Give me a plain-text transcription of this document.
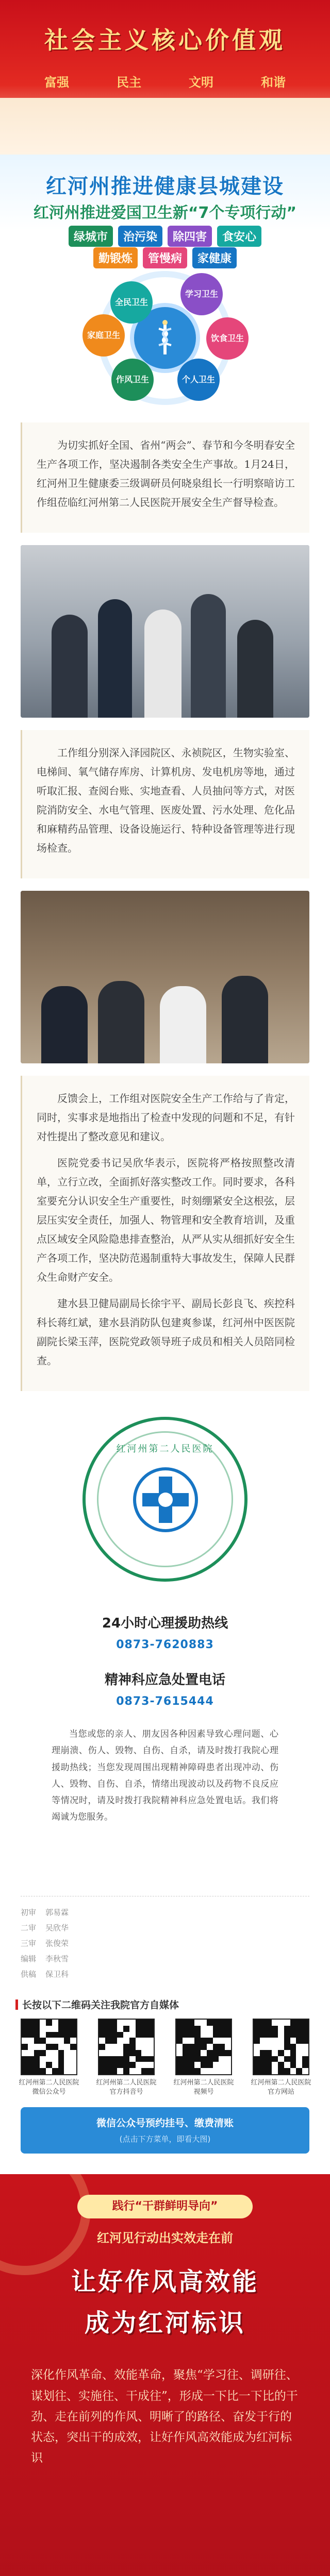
社会主义核心价值观
富强	民主	文明	和谐
红河州推进健康县城建设
红河州推进爱国卫生新“7个专项行动”
绿城市	治污染	除四害	食安心
勤锻炼	管慢病	家健康
全民卫生
学习卫生
家庭卫生	饮食卫生
作风卫生	个人卫生

为切实抓好全国、省州“两会”、春节和今冬明春安全生产各项工作，坚决遏制各类安全生产事故。1月24日，红河州卫生健康委三级调研员何晓泉组长一行明察暗访工作组莅临红河州第二人民医院开展安全生产督导检查。

工作组分别深入泽园院区、永祯院区，生物实验室、电梯间、氧气储存库房、计算机房、发电机房等地，通过听取汇报、查阅台账、实地查看、人员抽问等方式，对医院消防安全、水电气管理、医废处置、污水处理、危化品和麻精药品管理、设备设施运行、特种设备管理等进行现场检查。

反馈会上，工作组对医院安全生产工作给与了肯定，同时，实事求是地指出了检查中发现的问题和不足，有针对性提出了整改意见和建议。

医院党委书记吴欣华表示，医院将严格按照整改清单，立行立改，全面抓好落实整改工作。同时要求，各科室要充分认识安全生产重要性，时刻绷紧安全这根弦，层层压实安全责任，加强人、物管理和安全教育培训，及重点区域安全风险隐患排查整治，从严从实从细抓好安全生产各项工作，坚决防范遏制重特大事故发生，保障人民群众生命财产安全。

建水县卫健局副局长徐宇平、副局长彭良飞、疾控科科长蒋红斌，建水县消防队包建爽参谋，红河州中医医院副院长梁玉萍，医院党政领导班子成员和相关人员陪同检查。

红河州第二人民医院
24小时心理援助热线
0873-7620883
精神科应急处置电话
0873-7615444
当您或您的亲人、朋友因各种因素导致心理问题、心理崩溃、伤人、毁物、自伤、自杀，请及时拨打我院心理援助热线；当您发现周围出现精神障碍患者出现冲动、伤人、毁物、自伤、自杀，情绪出现波动以及药物不良反应等情况时，请及时拨打我院精神科应急处置电话。我们将竭诚为您服务。
初审 郭易霖
二审 吴欣华
三审 张俊荣
编辑 李秋雪
供稿 保卫科
长按以下二维码关注我院官方自媒体
红河州第二人民医院
微信公众号
红河州第二人民医院
官方抖音号
红河州第二人民医院
视频号
红河州第二人民医院
官方网站
微信公众号预约挂号、缴费清账
(点击下方菜单，即看大图)
践行“干群鲜明导向”
红河见行动出实效走在前
让好作风高效能
成为红河标识
深化作风革命、效能革命，聚焦“学习往、调研往、谋划往、实施往、干成往”，形成一下比一下比的干劲、走在前列的作风、明晰了的路径、奋发于行的状态，突出干的成效，让好作风高效能成为红河标识
